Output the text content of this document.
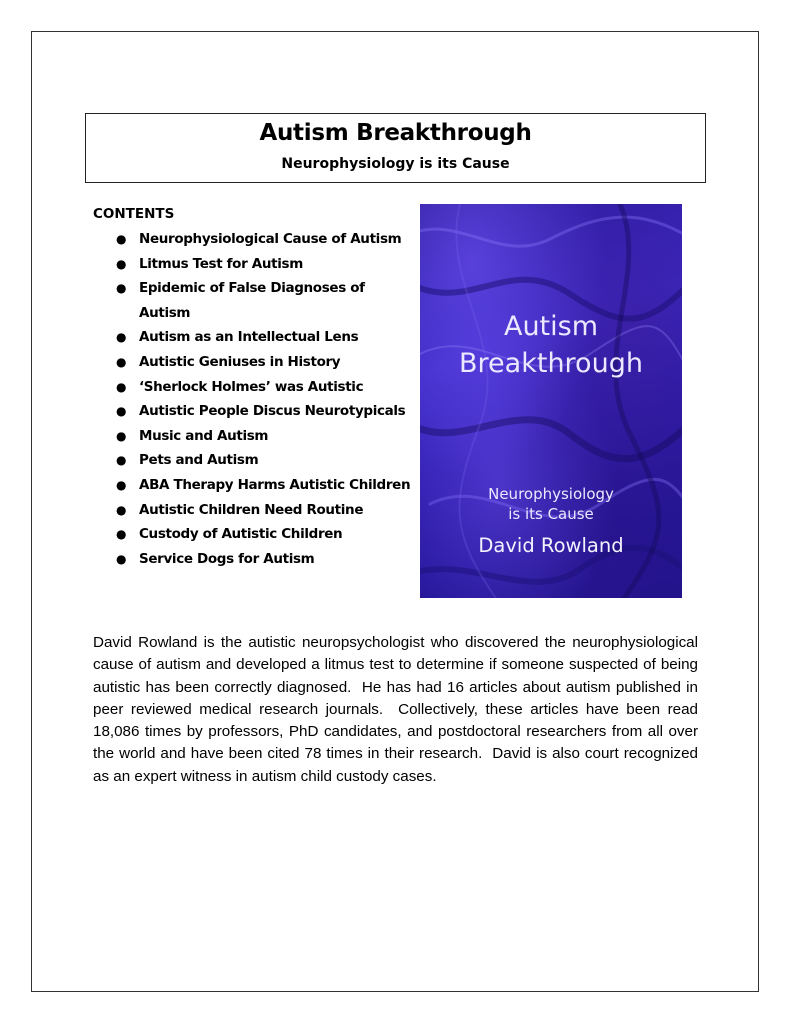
Autism Breakthrough
Neurophysiology is its Cause
CONTENTS
● Neurophysiological Cause of Autism
● Litmus Test for Autism
● Epidemic of False Diagnoses of
Autism
● Autism as an Intellectual Lens
● Autistic Geniuses in History
● ‘Sherlock Holmes’ was Autistic
● Autistic People Discus Neurotypicals
● Music and Autism
● Pets and Autism
● ABA Therapy Harms Autistic Children
● Autistic Children Need Routine
● Custody of Autistic Children
● Service Dogs for Autism
Autism
Breakthrough
Neurophysiology
is its Cause
David Rowland

David Rowland is the autistic neuropsychologist who discovered the neurophysiological cause of autism and developed a litmus test to determine if someone suspected of being autistic has been correctly diagnosed.  He has had 16 articles about autism published in peer reviewed medical research journals.  Collectively, these articles have been read 18,086 times by professors, PhD candidates, and postdoctoral researchers from all over the world and have been cited 78 times in their research.  David is also court recognized as an expert witness in autism child custody cases.
